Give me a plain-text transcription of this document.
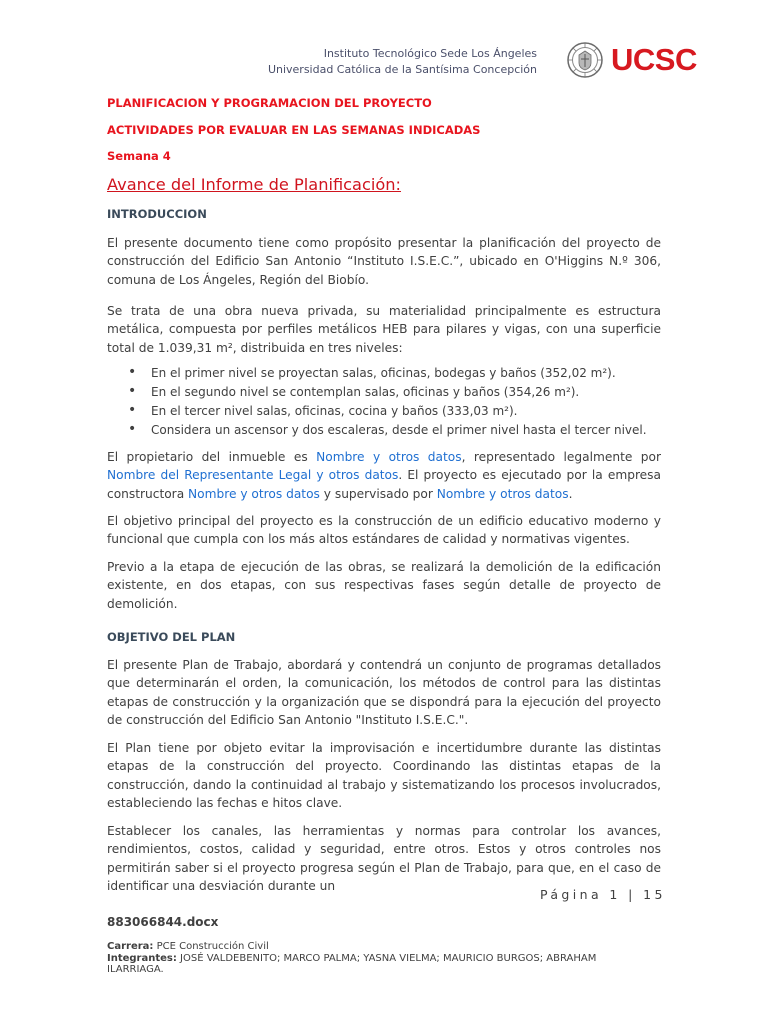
Instituto Tecnológico Sede Los Ángeles
Universidad Católica de la Santísima Concepción UCSC
PLANIFICACION Y PROGRAMACION DEL PROYECTO
ACTIVIDADES POR EVALUAR EN LAS SEMANAS INDICADAS
Semana 4
Avance del Informe de Planificación:
INTRODUCCION
El presente documento tiene como propósito presentar la planificación del proyecto de construcción del Edificio San Antonio “Instituto I.S.E.C.”, ubicado en O'Higgins N.º 306, comuna de Los Ángeles, Región del Biobío.
Se trata de una obra nueva privada, su materialidad principalmente es estructura metálica, compuesta por perfiles metálicos HEB para pilares y vigas, con una superficie total de 1.039,31 m², distribuida en tres niveles:
• En el primer nivel se proyectan salas, oficinas, bodegas y baños (352,02 m²).
• En el segundo nivel se contemplan salas, oficinas y baños (354,26 m²).
• En el tercer nivel salas, oficinas, cocina y baños (333,03 m²).
• Considera un ascensor y dos escaleras, desde el primer nivel hasta el tercer nivel.
El propietario del inmueble es Nombre y otros datos, representado legalmente por Nombre del Representante Legal y otros datos. El proyecto es ejecutado por la empresa constructora Nombre y otros datos y supervisado por Nombre y otros datos.
El objetivo principal del proyecto es la construcción de un edificio educativo moderno y funcional que cumpla con los más altos estándares de calidad y normativas vigentes.
Previo a la etapa de ejecución de las obras, se realizará la demolición de la edificación existente, en dos etapas, con sus respectivas fases según detalle de proyecto de demolición.
OBJETIVO DEL PLAN
El presente Plan de Trabajo, abordará y contendrá un conjunto de programas detallados que determinarán el orden, la comunicación, los métodos de control para las distintas etapas de construcción y la organización que se dispondrá para la ejecución del proyecto de construcción del Edificio San Antonio "Instituto I.S.E.C.".
El Plan tiene por objeto evitar la improvisación e incertidumbre durante las distintas etapas de la construcción del proyecto. Coordinando las distintas etapas de la construcción, dando la continuidad al trabajo y sistematizando los procesos involucrados, estableciendo las fechas e hitos clave.
Establecer los canales, las herramientas y normas para controlar los avances, rendimientos, costos, calidad y seguridad, entre otros. Estos y otros controles nos permitirán saber si el proyecto progresa según el Plan de Trabajo, para que, en el caso de identificar una desviación durante un
Página 1 | 15
883066844.docx
Carrera: PCE Construcción Civil
Integrantes: JOSÉ VALDEBENITO; MARCO PALMA; YASNA VIELMA; MAURICIO BURGOS; ABRAHAM ILARRIAGA.
